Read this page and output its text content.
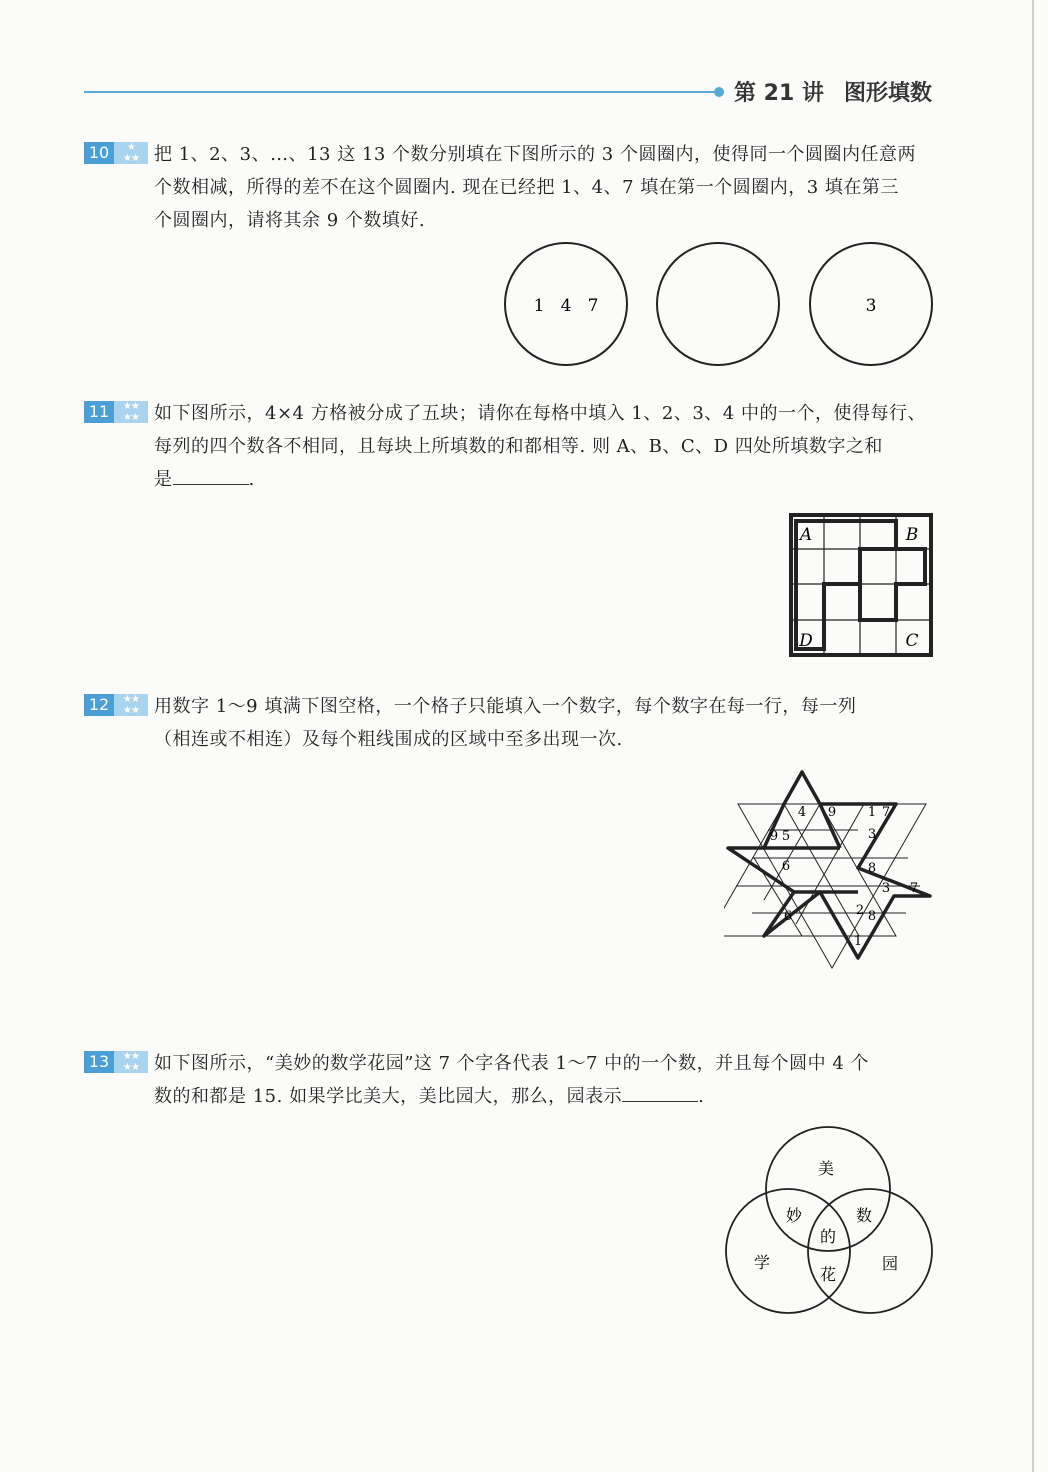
第 21 讲 图形填数
10	★
★★ 把 1、2、3、…、13 这 13 个数分别填在下图所示的 3 个圆圈内，使得同一个圆圈内任意两
个数相减，所得的差不在这个圆圈内. 现在已经把 1、4、7 填在第一个圆圈内，3 填在第三
个圆圈内，请将其余 9 个数填好.
1   4   7	3
11	★★
★★ 如下图所示，4×4 方格被分成了五块；请你在每格中填入 1、2、3、4 中的一个，使得每行、
每列的四个数各不相同，且每块上所填数的和都相等. 则 A、B、C、D 四处所填数字之和
是	.
A	B
D	C
12	★★
★★ 用数字 1～9 填满下图空格，一个格子只能填入一个数字，每个数字在每一行，每一列
（相连或不相连）及每个粗线围成的区域中至多出现一次.
4 9 1 7
9 5	3
6	8
3 7
6	2 8
1
13	★★
★★ 如下图所示，“美妙的数学花园”这 7 个字各代表 1～7 中的一个数，并且每个圆中 4 个
数的和都是 15. 如果学比美大，美比园大，那么，园表示	.
美
妙	数
的
学
花
园
